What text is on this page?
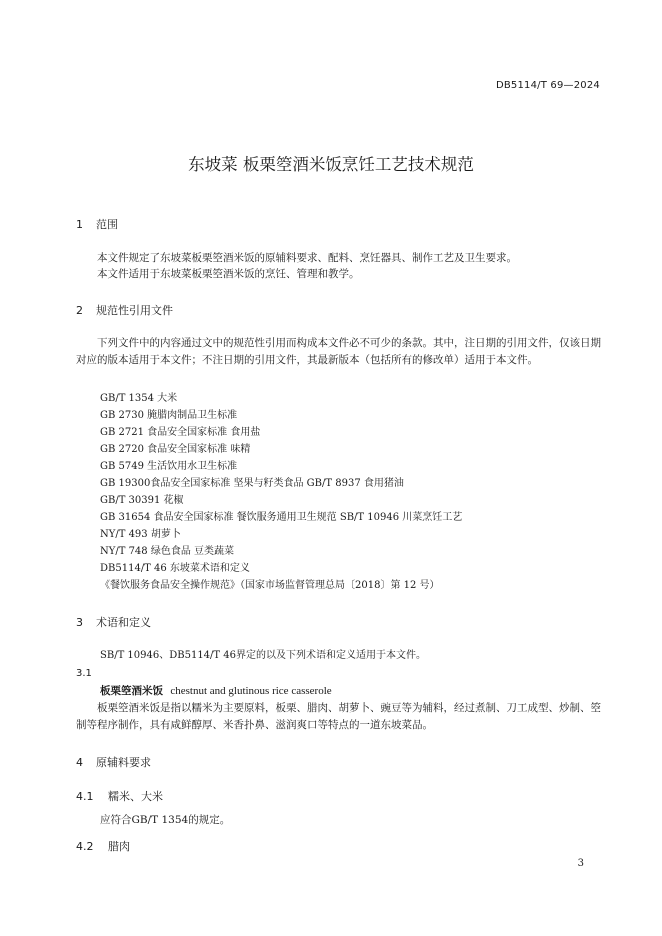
DB5114/T 69—2024
东坡菜 板栗箜酒米饭烹饪工艺技术规范
1 范围
本文件规定了东坡菜板栗箜酒米饭的原辅料要求、配料、烹饪器具、制作工艺及卫生要求。
本文件适用于东坡菜板栗箜酒米饭的烹饪、管理和教学。
2 规范性引用文件
下列文件中的内容通过文中的规范性引用而构成本文件必不可少的条款。其中，注日期的引用文件，仅该日期对应的版本适用于本文件；不注日期的引用文件，其最新版本（包括所有的修改单）适用于本文件。
GB/T 1354 大米
GB 2730 腌腊肉制品卫生标准
GB 2721 食品安全国家标准 食用盐
GB 2720 食品安全国家标准 味精
GB 5749 生活饮用水卫生标准
GB 19300食品安全国家标准 坚果与籽类食品 GB/T 8937 食用猪油
GB/T 30391 花椒
GB 31654 食品安全国家标准 餐饮服务通用卫生规范 SB/T 10946 川菜烹饪工艺
NY/T 493 胡萝卜
NY/T 748 绿色食品 豆类蔬菜
DB5114/T 46 东坡菜术语和定义
《餐饮服务食品安全操作规范》（国家市场监督管理总局〔2018〕第 12 号）
3 术语和定义
SB/T 10946、DB5114/T 46界定的以及下列术语和定义适用于本文件。
3.1
板栗箜酒米饭 chestnut and glutinous rice casserole
板栗箜酒米饭是指以糯米为主要原料，板栗、腊肉、胡萝卜、豌豆等为辅料，经过煮制、刀工成型、炒制、箜制等程序制作，具有咸鲜醇厚、米香扑鼻、滋润爽口等特点的一道东坡菜品。
4 原辅料要求
4.1 糯米、大米
应符合GB/T 1354的规定。
4.2 腊肉
3
